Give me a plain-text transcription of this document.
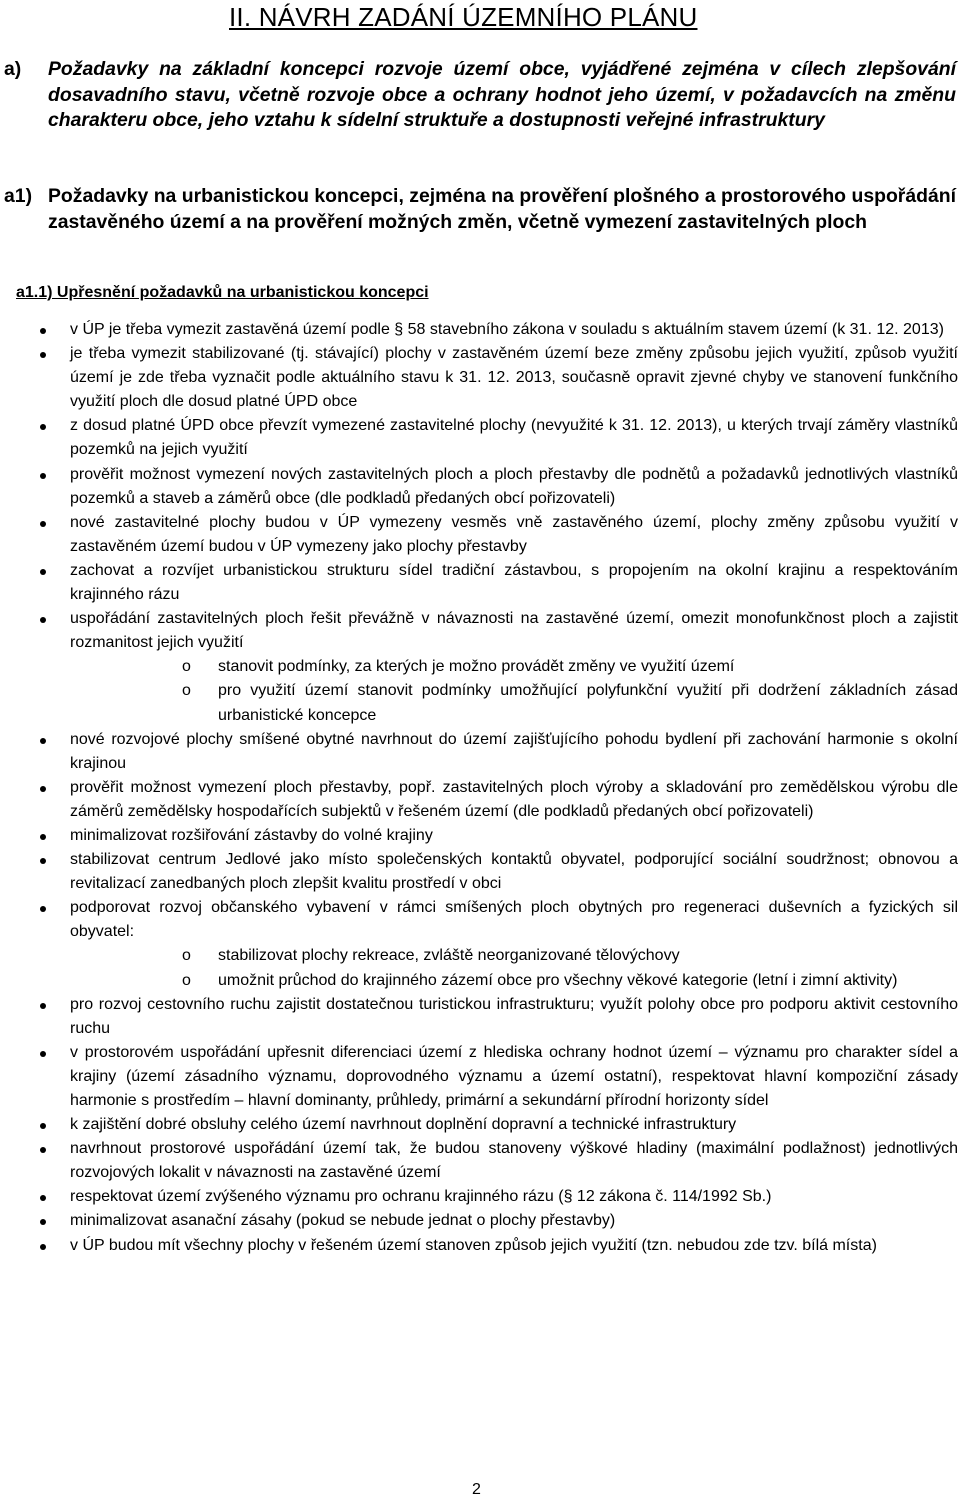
II. NÁVRH ZADÁNÍ ÚZEMNÍHO PLÁNU
a) Požadavky na základní koncepci rozvoje území obce, vyjádřené zejména v cílech zlepšování dosavadního stavu, včetně rozvoje obce a ochrany hodnot jeho území, v požadavcích na změnu charakteru obce, jeho vztahu k sídelní struktuře a dostupnosti veřejné infrastruktury
a1) Požadavky na urbanistickou koncepci, zejména na prověření plošného a prostorového uspořádání zastavěného území a na prověření možných změn, včetně vymezení zastavitelných ploch
a1.1) Upřesnění požadavků na urbanistickou koncepci
v ÚP je třeba vymezit zastavěná území podle § 58 stavebního zákona v souladu s aktuálním stavem území (k 31. 12. 2013)
je třeba vymezit stabilizované (tj. stávající) plochy v zastavěném území beze změny způsobu jejich využití, způsob využití území je zde třeba vyznačit podle aktuálního stavu k 31. 12. 2013, současně opravit zjevné chyby ve stanovení funkčního využití ploch dle dosud platné ÚPD obce
z dosud platné ÚPD obce převzít vymezené zastavitelné plochy (nevyužité k 31. 12. 2013), u kterých trvají záměry vlastníků pozemků na jejich využití
prověřit možnost vymezení nových zastavitelných ploch a ploch přestavby dle podnětů a požadavků jednotlivých vlastníků pozemků a staveb a záměrů obce (dle podkladů předaných obcí pořizovateli)
nové zastavitelné plochy budou v ÚP vymezeny vesměs vně zastavěného území, plochy změny způsobu využití v zastavěném území budou v ÚP vymezeny jako plochy přestavby
zachovat a rozvíjet urbanistickou strukturu sídel tradiční zástavbou, s propojením na okolní krajinu a respektováním krajinného rázu
uspořádání zastavitelných ploch řešit převážně v návaznosti na zastavěné území, omezit monofunkčnost ploch a zajistit rozmanitost jejich využití
o stanovit podmínky, za kterých je možno provádět změny ve využití území
o pro využití území stanovit podmínky umožňující polyfunkční využití při dodržení základních zásad urbanistické koncepce
nové rozvojové plochy smíšené obytné navrhnout do území zajišťujícího pohodu bydlení při zachování harmonie s okolní krajinou
prověřit možnost vymezení ploch přestavby, popř. zastavitelných ploch výroby a skladování pro zemědělskou výrobu dle záměrů zemědělsky hospodařících subjektů v řešeném území (dle podkladů předaných obcí pořizovateli)
minimalizovat rozšiřování zástavby do volné krajiny
stabilizovat centrum Jedlové jako místo společenských kontaktů obyvatel, podporující sociální soudržnost; obnovou a revitalizací zanedbaných ploch zlepšit kvalitu prostředí v obci
podporovat rozvoj občanského vybavení v rámci smíšených ploch obytných pro regeneraci duševních a fyzických sil obyvatel:
o stabilizovat plochy rekreace, zvláště neorganizované tělovýchovy
o umožnit průchod do krajinného zázemí obce pro všechny věkové kategorie (letní i zimní aktivity)
pro rozvoj cestovního ruchu zajistit dostatečnou turistickou infrastrukturu; využít polohy obce pro podporu aktivit cestovního ruchu
v prostorovém uspořádání upřesnit diferenciaci území z hlediska ochrany hodnot území – významu pro charakter sídel a krajiny (území zásadního významu, doprovodného významu a území ostatní), respektovat hlavní kompoziční zásady harmonie s prostředím – hlavní dominanty, průhledy, primární a sekundární přírodní horizonty sídel
k zajištění dobré obsluhy celého území navrhnout doplnění dopravní a technické infrastruktury
navrhnout prostorové uspořádání území tak, že budou stanoveny výškové hladiny (maximální podlažnost) jednotlivých rozvojových lokalit v návaznosti na zastavěné území
respektovat území zvýšeného významu pro ochranu krajinného rázu (§ 12 zákona č. 114/1992 Sb.)
minimalizovat asanační zásahy (pokud se nebude jednat o plochy přestavby)
v ÚP budou mít všechny plochy v řešeném území stanoven způsob jejich využití (tzn. nebudou zde tzv. bílá místa)
2
